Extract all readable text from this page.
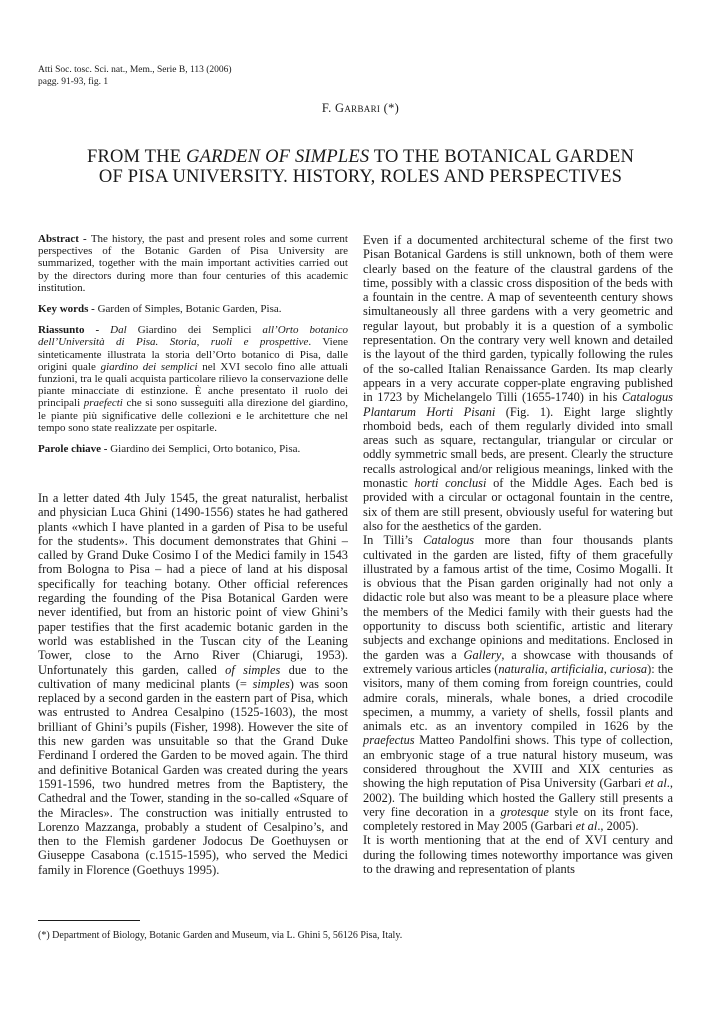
Atti Soc. tosc. Sci. nat., Mem., Serie B, 113 (2006)
pagg. 91-93, fig. 1
F. Garbari (*)
FROM THE GARDEN OF SIMPLES TO THE BOTANICAL GARDEN
OF PISA UNIVERSITY. HISTORY, ROLES AND PERSPECTIVES

Abstract - The history, the past and present roles and some current perspectives of the Botanic Garden of Pisa University are summarized, together with the main important activities carried out by the directors during more than four centuries of this academic institution.

Key words - Garden of Simples, Botanic Garden, Pisa.

Riassunto - Dal Giardino dei Semplici all’Orto botanico dell’Università di Pisa. Storia, ruoli e prospettive. Viene sinteticamente illustrata la storia dell’Orto botanico di Pisa, dalle origini quale giardino dei semplici nel XVI secolo fino alle attuali funzioni, tra le quali acquista particolare rilievo la conservazione delle piante minacciate di estinzione. È anche presentato il ruolo dei principali praefecti che si sono susseguiti alla direzione del giardino, le piante più significative delle collezioni e le architetture che nel tempo sono state realizzate per ospitarle.

Parole chiave - Giardino dei Semplici, Orto botanico, Pisa.

In a letter dated 4th July 1545, the great naturalist, herbalist and physician Luca Ghini (1490-1556) states he had gathered plants «which I have planted in a garden of Pisa to be useful for the students». This document demonstrates that Ghini – called by Grand Duke Cosimo I of the Medici family in 1543 from Bologna to Pisa – had a piece of land at his disposal specifically for teaching botany. Other official references regarding the founding of the Pisa Botanical Garden were never identified, but from an historic point of view Ghini’s paper testifies that the first academic botanic garden in the world was established in the Tuscan city of the Leaning Tower, close to the Arno River (Chiarugi, 1953). Unfortunately this garden, called of simples due to the cultivation of many medicinal plants (= simples) was soon replaced by a second garden in the eastern part of Pisa, which was entrusted to Andrea Cesalpino (1525-1603), the most brilliant of Ghini’s pupils (Fisher, 1998). However the site of this new garden was unsuitable so that the Grand Duke Ferdinand I ordered the Garden to be moved again. The third and definitive Botanical Garden was created during the years 1591-1596, two hundred metres from the Baptistery, the Cathedral and the Tower, standing in the so-called «Square of the Miracles». The construction was initially entrusted to Lorenzo Mazzanga, probably a student of Cesalpino’s, and then to the Flemish gardener Jodocus De Goethuysen or Giuseppe Casabona (c.1515-1595), who served the Medici family in Florence (Goethuys 1995).

Even if a documented architectural scheme of the first two Pisan Botanical Gardens is still unknown, both of them were clearly based on the feature of the claustral gardens of the time, possibly with a classic cross disposition of the beds with a fountain in the centre. A map of seventeenth century shows simultaneously all three gardens with a very geometric and regular layout, but probably it is a question of a symbolic representation. On the contrary very well known and detailed is the layout of the third garden, typically following the rules of the so-called Italian Renaissance Garden. Its map clearly appears in a very accurate copper-plate engraving published in 1723 by Michelangelo Tilli (1655-1740) in his Catalogus Plantarum Horti Pisani (Fig. 1). Eight large slightly rhomboid beds, each of them regularly divided into small areas such as square, rectangular, triangular or circular or oddly symmetric small beds, are present. Clearly the structure recalls astrological and/or religious meanings, linked with the monastic horti conclusi of the Middle Ages. Each bed is provided with a circular or octagonal fountain in the centre, six of them are still present, obviously useful for watering but also for the aesthetics of the garden.

In Tilli’s Catalogus more than four thousands plants cultivated in the garden are listed, fifty of them gracefully illustrated by a famous artist of the time, Cosimo Mogalli. It is obvious that the Pisan garden originally had not only a didactic role but also was meant to be a pleasure place where the members of the Medici family with their guests had the opportunity to discuss both scientific, artistic and literary subjects and exchange opinions and meditations. Enclosed in the garden was a Gallery, a showcase with thousands of extremely various articles (naturalia, artificialia, curiosa): the visitors, many of them coming from foreign countries, could admire corals, minerals, whale bones, a dried crocodile specimen, a mummy, a variety of shells, fossil plants and animals etc. as an inventory compiled in 1626 by the praefectus Matteo Pandolfini shows. This type of collection, an embryonic stage of a true natural history museum, was considered throughout the XVIII and XIX centuries as showing the high reputation of Pisa University (Garbari et al., 2002). The building which hosted the Gallery still presents a very fine decoration in a grotesque style on its front face, completely restored in May 2005 (Garbari et al., 2005).

It is worth mentioning that at the end of XVI century and during the following times noteworthy importance was given to the drawing and representation of plants

(*) Department of Biology, Botanic Garden and Museum, via L. Ghini 5, 56126 Pisa, Italy.
